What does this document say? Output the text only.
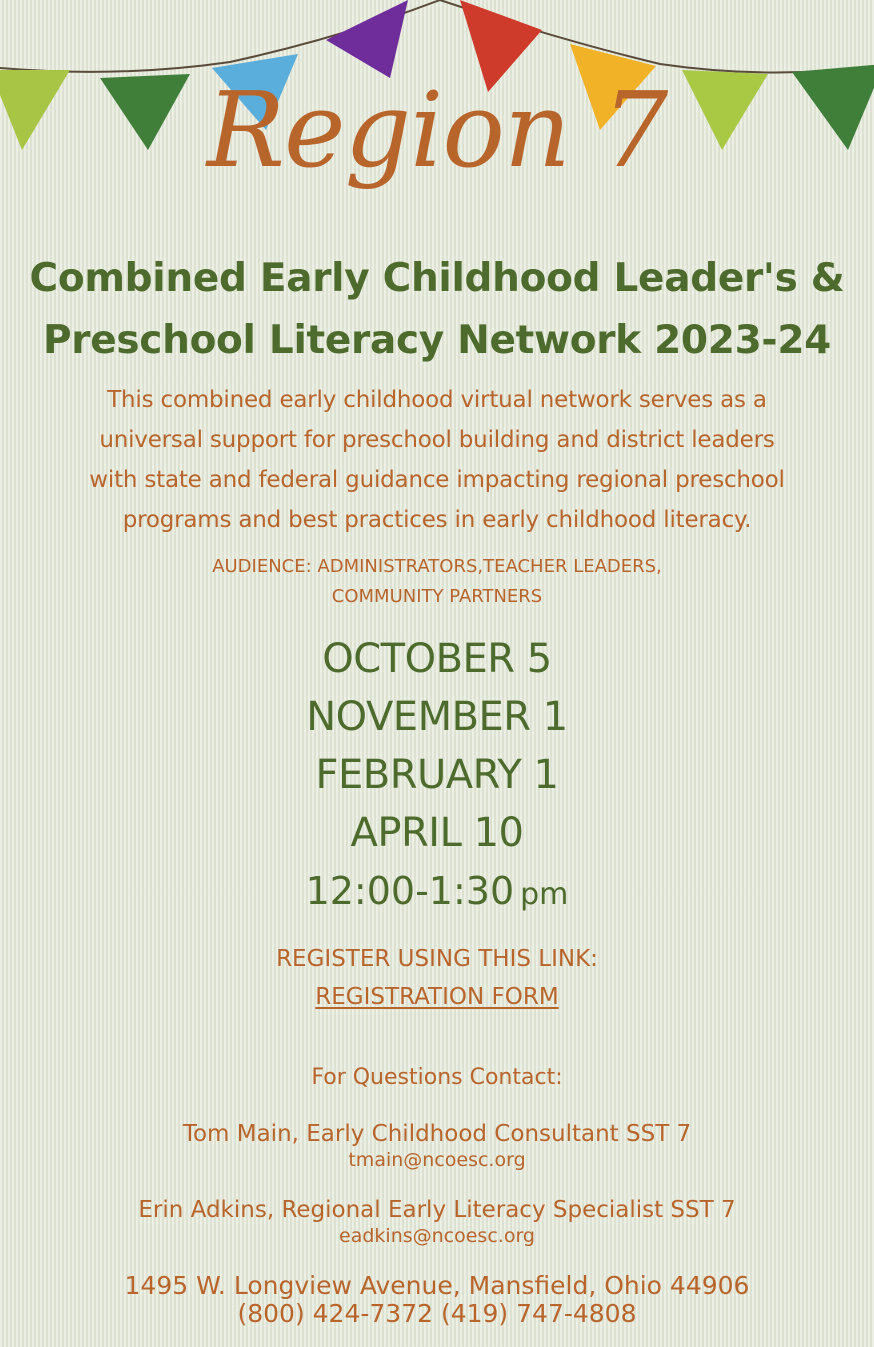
Region 7
Combined Early Childhood Leader's &
Preschool Literacy Network 2023-24
This combined early childhood virtual network serves as a
universal support for preschool building and district leaders
with state and federal guidance impacting regional preschool
programs and best practices in early childhood literacy.
AUDIENCE: ADMINISTRATORS,TEACHER LEADERS,
COMMUNITY PARTNERS
OCTOBER 5
NOVEMBER 1
FEBRUARY 1
APRIL 10
12:00-1:30 pm
REGISTER USING THIS LINK:
REGISTRATION FORM
For Questions Contact:
Tom Main, Early Childhood Consultant SST 7
tmain@ncoesc.org
Erin Adkins, Regional Early Literacy Specialist SST 7
eadkins@ncoesc.org
1495 W. Longview Avenue, Mansfield, Ohio 44906
(800) 424-7372 (419) 747-4808
